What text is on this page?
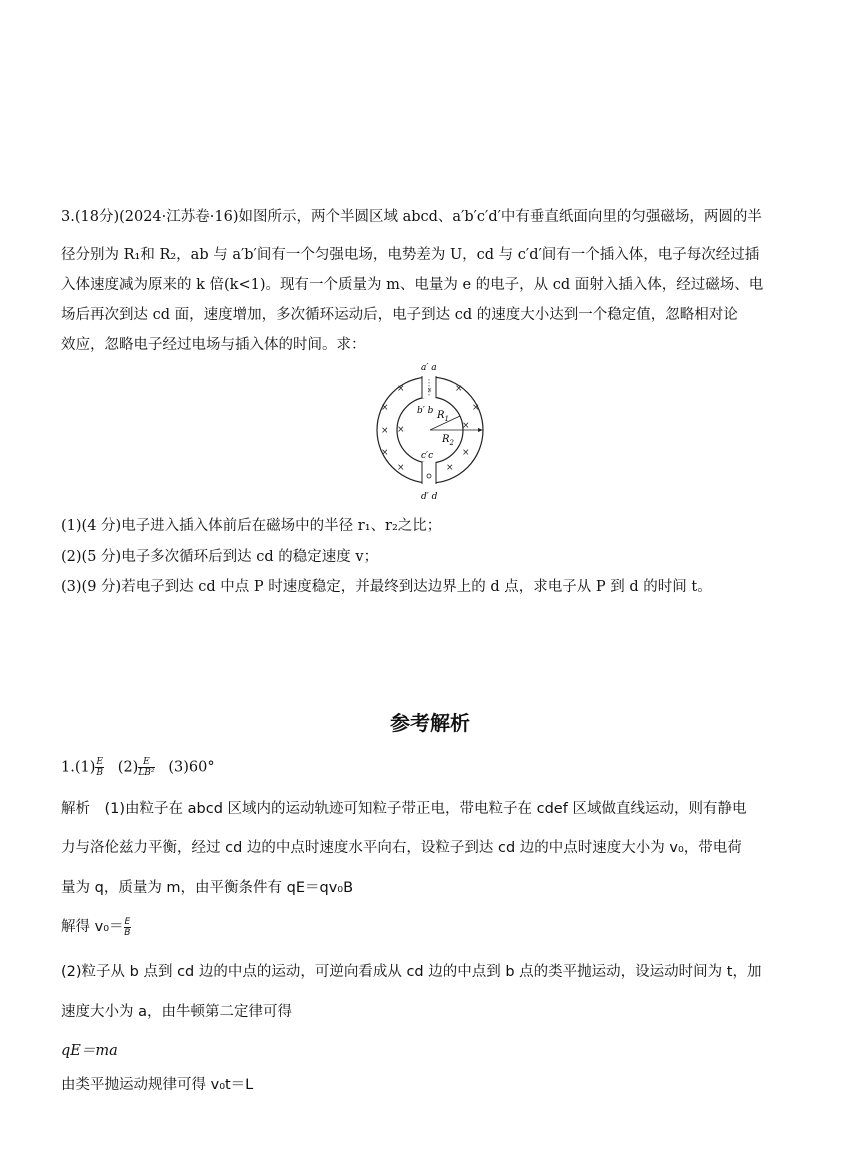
3.(18分)(2024·江苏卷·16)如图所示，两个半圆区域 abcd、a′b′c′d′中有垂直纸面向里的匀强磁场，两圆的半
径分别为 R₁和 R₂，ab 与 a′b′间有一个匀强电场，电势差为 U，cd 与 c′d′间有一个插入体，电子每次经过插
入体速度减为原来的 k 倍(k<1)。现有一个质量为 m、电量为 e 的电子，从 cd 面射入插入体，经过磁场、电
场后再次到达 cd 面，速度增加，多次循环运动后，电子到达 cd 的速度大小达到一个稳定值，忽略相对论
效应，忽略电子经过电场与插入体的时间。求：
a′ a
b′ b $R_1$
$R_2$
c′c
d′ d
×	×
×	×
×
× ×
×	×
×	×
×
(1)(4 分)电子进入插入体前后在磁场中的半径 r₁、r₂之比；
(2)(5 分)电子多次循环后到达 cd 的稳定速度 v；
(3)(9 分)若电子到达 cd 中点 P 时速度稳定，并最终到达边界上的 d 点，求电子从 P 到 d 的时间 t。
参考解析
$1.(1) \frac{E}{B} (2) \frac{E}{\text{LB²}} (3)60^\circ$
解析　(1)由粒子在 abcd 区域内的运动轨迹可知粒子带正电，带电粒子在 cdef 区域做直线运动，则有静电
力与洛伦兹力平衡，经过 cd 边的中点时速度水平向右，设粒子到达 cd 边的中点时速度大小为 v₀，带电荷
量为 q，质量为 m，由平衡条件有 qE＝qv₀B
解得 $v_0= \frac{E}{B}$
(2)粒子从 b 点到 cd 边的中点的运动，可逆向看成从 cd 边的中点到 b 点的类平抛运动，设运动时间为 t，加
速度大小为 a，由牛顿第二定律可得
qE＝ma
由类平抛运动规律可得 v₀t＝L
